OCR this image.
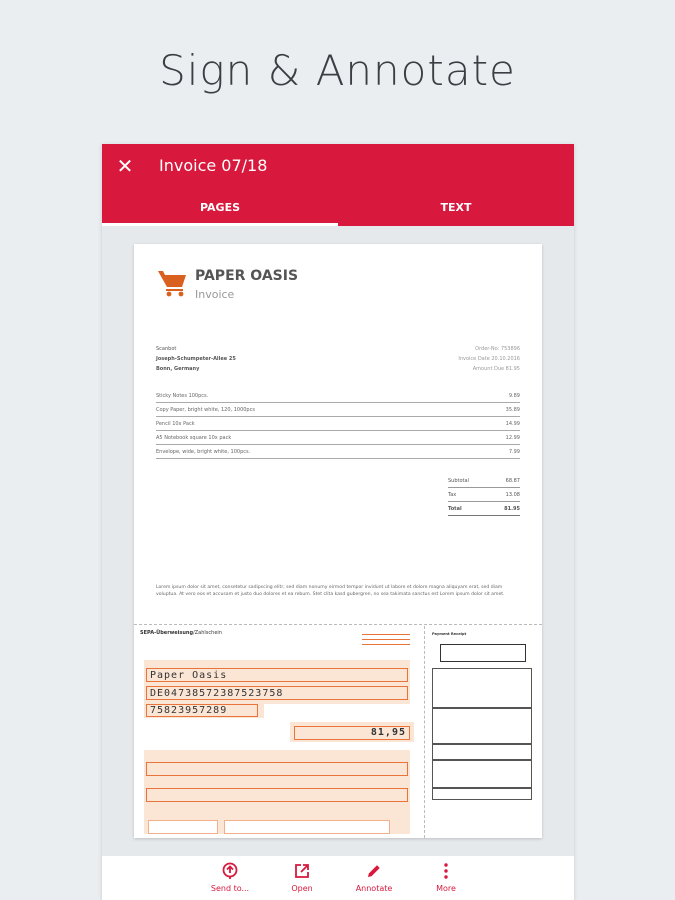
Sign & Annotate
✕ Invoice 07/18
PAGES	TEXT
PAPER OASIS
Invoice
Scanbot
Joseph-Schumpeter-Allee 25
Bonn, Germany
Order-No: 753896
Invoice Date 20.10.2016
Amount Due 81.95
Sticky Notes 100pcs.	9.89
Copy Paper, bright white, 120, 1000pcs	35.89
Pencil 10x Pack	14.99
A5 Notebook square 10x pack	12.99
Envelope, wide, bright white, 100pcs.	7.99
Subtotal	68.87
Tax	13.08
Total	81.95
Lorem ipsum dolor sit amet, consetetur sadipscing elitr, sed diam nonumy eirmod tempor invidunt ut labore et dolore magna aliquyam erat, sed diam voluptua. At vero eos et accusam et justo duo dolores et ea rebum. Stet clita kasd gubergren, no sea takimata sanctus est Lorem ipsum dolor sit amet.
SEPA-Überweisung/Zahlschein
Paper Oasis
DE04738572387523758
75823957289
81,95
Payment Receipt
Send to...	Open	Annotate	More
